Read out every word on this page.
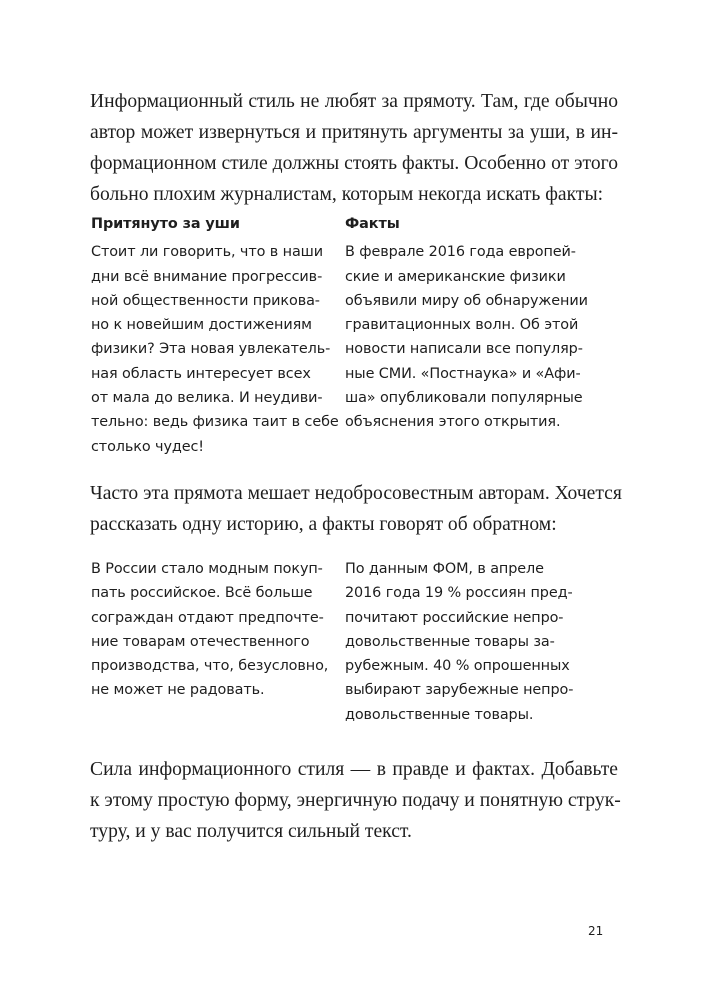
Информационный стиль не любят за прямоту. Там, где обычно
автор может извернуться и притянуть аргументы за уши, в ин-
формационном стиле должны стоять факты. Особенно от этого
больно плохим журналистам, которым некогда искать факты:

Притянуто за уши
Стоит ли говорить, что в наши
дни всё внимание прогрессив-
ной общественности прикова-
но к новейшим достижениям
физики? Эта новая увлекатель-
ная область интересует всех
от мала до велика. И неудиви-
тельно: ведь физика таит в себе
столько чудес!
Факты
В феврале 2016 года европей-
ские и американские физики
объявили миру об обнаружении
гравитационных волн. Об этой
новости написали все популяр-
ные СМИ. «Постнаука» и «Афи-
ша» опубликовали популярные
объяснения этого открытия.

Часто эта прямота мешает недобросовестным авторам. Хочется
рассказать одну историю, а факты говорят об обратном:

В России стало модным покуп-
пать российское. Всё больше
сограждан отдают предпочте-
ние товарам отечественного
производства, что, безусловно,
не может не радовать.
По данным ФОМ, в апреле
2016 года 19 % россиян пред-
почитают российские непро-
довольственные товары за-
рубежным. 40 % опрошенных
выбирают зарубежные непро-
довольственные товары.

Сила информационного стиля — в правде и фактах. Добавьте
к этому простую форму, энергичную подачу и понятную струк-
туру, и у вас получится сильный текст.

21
